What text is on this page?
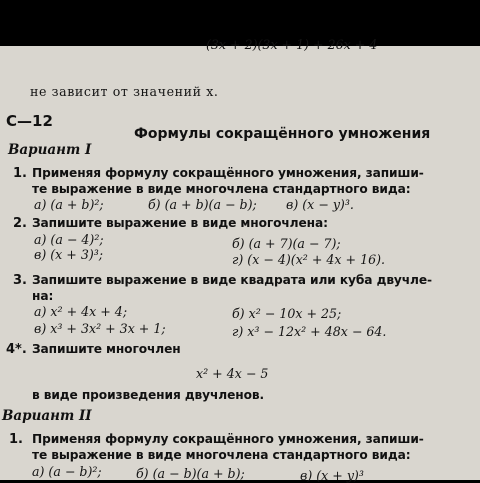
(3x + 2)(3x + 1) + 26x + 4
не зависит от значений x.
С—12
Формулы сокращённого умножения
Вариант I
1. Применяя формулу сокращённого умножения, запиши-
те выражение в виде многочлена стандартного вида:
а) (a + b)²;	б) (a + b)(a − b); в) (x − y)³.
2. Запишите выражение в виде многочлена:
а) (a − 4)²;	б) (a + 7)(a − 7);
в) (x + 3)³;	г) (x − 4)(x² + 4x + 16).
3. Запишите выражение в виде квадрата или куба двучле-
на:
а) x² + 4x + 4;	б) x² − 10x + 25;
в) x³ + 3x² + 3x + 1;	г) x³ − 12x² + 48x − 64.
4*. Запишите многочлен
x² + 4x − 5
в виде произведения двучленов.
Вариант II
1. Применяя формулу сокращённого умножения, запиши-
те выражение в виде многочлена стандартного вида:
а) (a − b)²;	б) (a − b)(a + b);	в) (x + y)³
